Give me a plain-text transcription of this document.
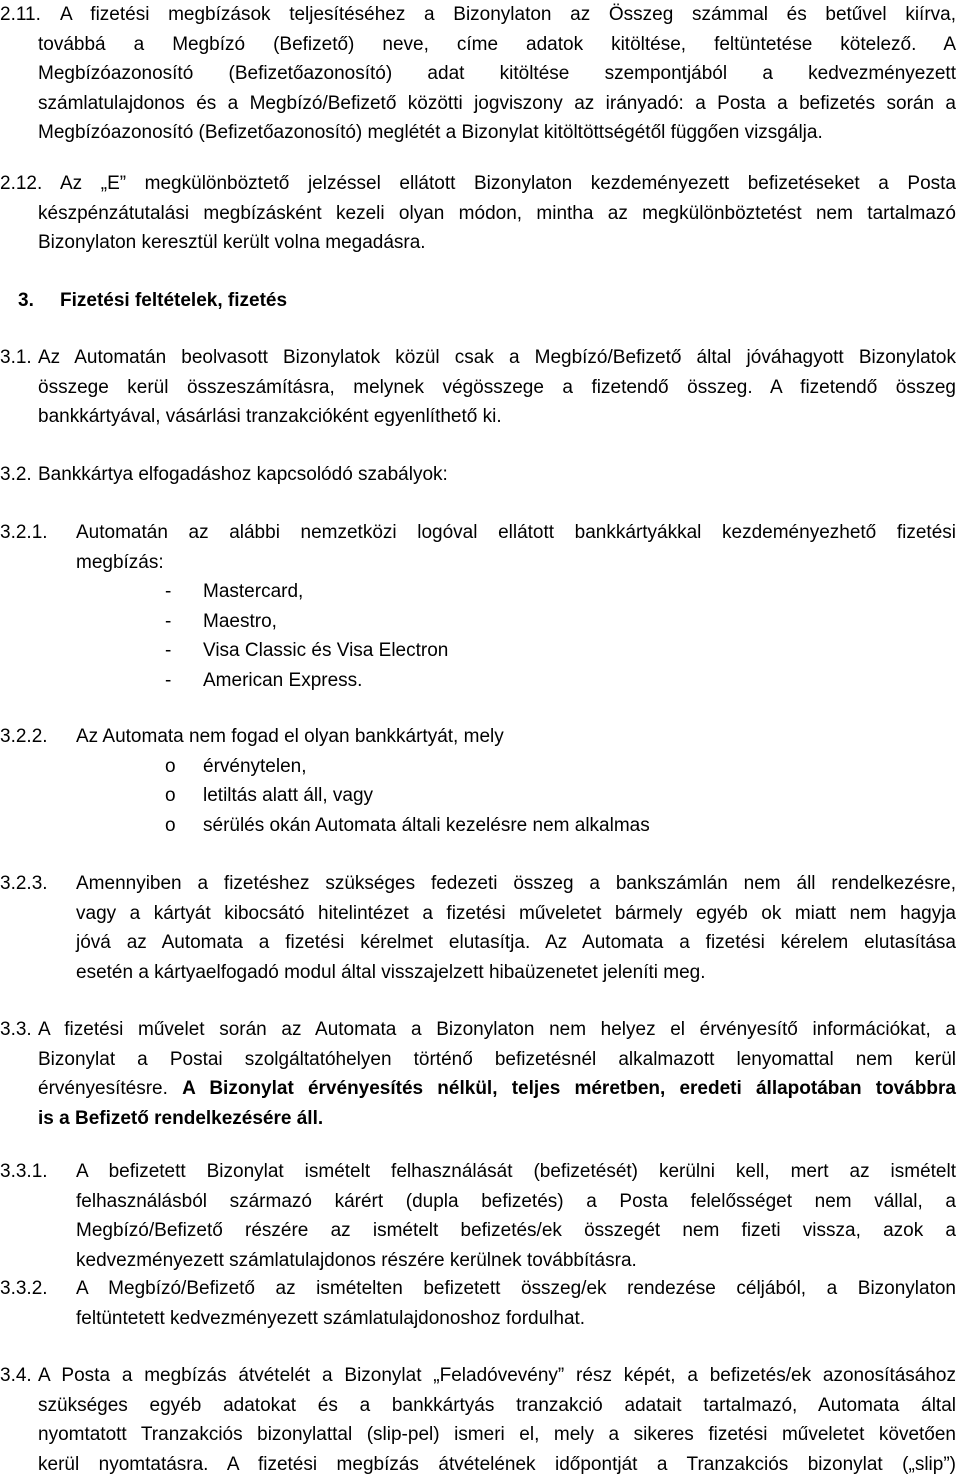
2.11. A fizetési megbízások teljesítéséhez a Bizonylaton az Összeg számmal és betűvel kiírva,
továbbá a Megbízó (Befizető) neve, címe adatok kitöltése, feltüntetése kötelező. A
Megbízóazonosító (Befizetőazonosító) adat kitöltése szempontjából a kedvezményezett
számlatulajdonos és a Megbízó/Befizető közötti jogviszony az irányadó: a Posta a befizetés során a
Megbízóazonosító (Befizetőazonosító) meglétét a Bizonylat kitöltöttségétől függően vizsgálja.
2.12. Az „E” megkülönböztető jelzéssel ellátott Bizonylaton kezdeményezett befizetéseket a Posta
készpénzátutalási megbízásként kezeli olyan módon, mintha az megkülönböztetést nem tartalmazó
Bizonylaton keresztül került volna megadásra.
3. Fizetési feltételek, fizetés
3.1. Az Automatán beolvasott Bizonylatok közül csak a Megbízó/Befizető által jóváhagyott Bizonylatok
összege kerül összeszámításra, melynek végösszege a fizetendő összeg. A fizetendő összeg
bankkártyával, vásárlási tranzakcióként egyenlíthető ki.
3.2. Bankkártya elfogadáshoz kapcsolódó szabályok:
3.2.1. Automatán az alábbi nemzetközi logóval ellátott bankkártyákkal kezdeményezhető fizetési
megbízás:
- Mastercard,
- Maestro,
- Visa Classic és Visa Electron
- American Express.
3.2.2. Az Automata nem fogad el olyan bankkártyát, mely
o érvénytelen,
o letiltás alatt áll, vagy
o sérülés okán Automata általi kezelésre nem alkalmas
3.2.3. Amennyiben a fizetéshez szükséges fedezeti összeg a bankszámlán nem áll rendelkezésre,
vagy a kártyát kibocsátó hitelintézet a fizetési műveletet bármely egyéb ok miatt nem hagyja
jóvá az Automata a fizetési kérelmet elutasítja. Az Automata a fizetési kérelem elutasítása
esetén a kártyaelfogadó modul által visszajelzett hibaüzenetet jeleníti meg.
3.3. A fizetési művelet során az Automata a Bizonylaton nem helyez el érvényesítő információkat, a
Bizonylat a Postai szolgáltatóhelyen történő befizetésnél alkalmazott lenyomattal nem kerül
érvényesítésre. A Bizonylat érvényesítés nélkül, teljes méretben, eredeti állapotában továbbra
is a Befizető rendelkezésére áll.
3.3.1. A befizetett Bizonylat ismételt felhasználását (befizetését) kerülni kell, mert az ismételt
felhasználásból származó kárért (dupla befizetés) a Posta felelősséget nem vállal, a
Megbízó/Befizető részére az ismételt befizetés/ek összegét nem fizeti vissza, azok a
kedvezményezett számlatulajdonos részére kerülnek továbbításra.
3.3.2. A Megbízó/Befizető az ismételten befizetett összeg/ek rendezése céljából, a Bizonylaton
feltüntetett kedvezményezett számlatulajdonoshoz fordulhat.
3.4. A Posta a megbízás átvételét a Bizonylat „Feladóvevény” rész képét, a befizetés/ek azonosításához
szükséges egyéb adatokat és a bankkártyás tranzakció adatait tartalmazó, Automata által
nyomtatott Tranzakciós bizonylattal (slip-pel) ismeri el, mely a sikeres fizetési műveletet követően
kerül nyomtatásra. A fizetési megbízás átvételének időpontját a Tranzakciós bizonylat („slip”)
